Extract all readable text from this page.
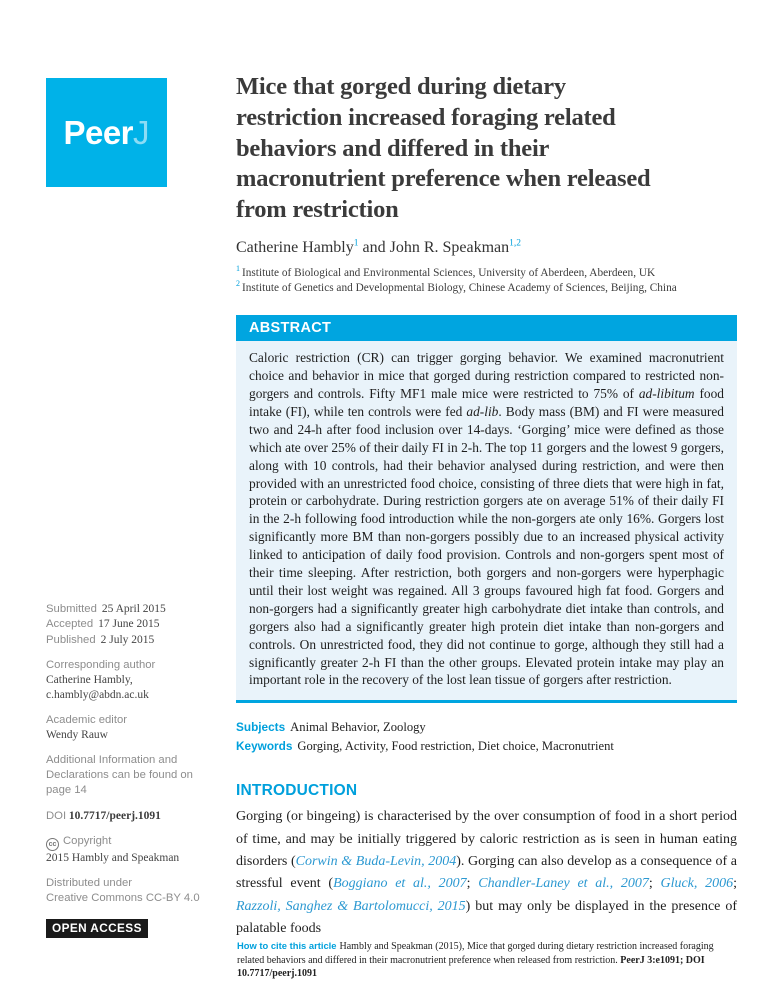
Peer J
Mice that gorged during dietary
restriction increased foraging related
behaviors and differed in their
macronutrient preference when released
from restriction
Catherine Hambly$^1$ and John R. Speakman$^{1,2}$
$^1$ Institute of Biological and Environmental Sciences, University of Aberdeen, Aberdeen, UK
$^2$ Institute of Genetics and Developmental Biology, Chinese Academy of Sciences, Beijing, China
ABSTRACT
Caloric restriction (CR) can trigger gorging behavior. We examined macronutrient choice and behavior in mice that gorged during restriction compared to restricted non-gorgers and controls. Fifty MF1 male mice were restricted to 75% of ad-libitum food intake (FI), while ten controls were fed ad-lib. Body mass (BM) and FI were measured two and 24-h after food inclusion over 14-days. ‘Gorging’ mice were defined as those which ate over 25% of their daily FI in 2-h. The top 11 gorgers and the lowest 9 gorgers, along with 10 controls, had their behavior analysed during restriction, and were then provided with an unrestricted food choice, consisting of three diets that were high in fat, protein or carbohydrate. During restriction gorgers ate on average 51% of their daily FI in the 2-h following food introduction while the non-gorgers ate only 16%. Gorgers lost significantly more BM than non-gorgers possibly due to an increased physical activity linked to anticipation of daily food provision. Controls and non-gorgers spent most of their time sleeping. After restriction, both gorgers and non-gorgers were hyperphagic until their lost weight was regained. All 3 groups favoured high fat food. Gorgers and non-gorgers had a significantly greater high carbohydrate diet intake than controls, and gorgers also had a significantly greater high protein diet intake than non-gorgers and controls. On unrestricted food, they did not continue to gorge, although they still had a significantly greater 2-h FI than the other groups. Elevated protein intake may play an important role in the recovery of the lost lean tissue of gorgers after restriction.
Subjects Animal Behavior, Zoology
Keywords Gorging, Activity, Food restriction, Diet choice, Macronutrient
INTRODUCTION
Gorging (or bingeing) is characterised by the over consumption of food in a short period of time, and may be initially triggered by caloric restriction as is seen in human eating disorders (Corwin & Buda-Levin, 2004). Gorging can also develop as a consequence of a stressful event (Boggiano et al., 2007; Chandler-Laney et al., 2007; Gluck, 2006; Razzoli, Sanghez & Bartolomucci, 2015) but may only be displayed in the presence of palatable foods
Submitted 25 April 2015
Accepted 17 June 2015
Published 2 July 2015
Corresponding author
Catherine Hambly,
c.hambly@abdn.ac.uk
Academic editor
Wendy Rauw
Additional Information and Declarations can be found on page 14
DOI 10.7717/peerj.1091
cc Copyright
2015 Hambly and Speakman
Distributed under
Creative Commons CC-BY 4.0
OPEN ACCESS
How to cite this article Hambly and Speakman (2015), Mice that gorged during dietary restriction increased foraging related behaviors and differed in their macronutrient preference when released from restriction. PeerJ 3:e1091; DOI 10.7717/peerj.1091
